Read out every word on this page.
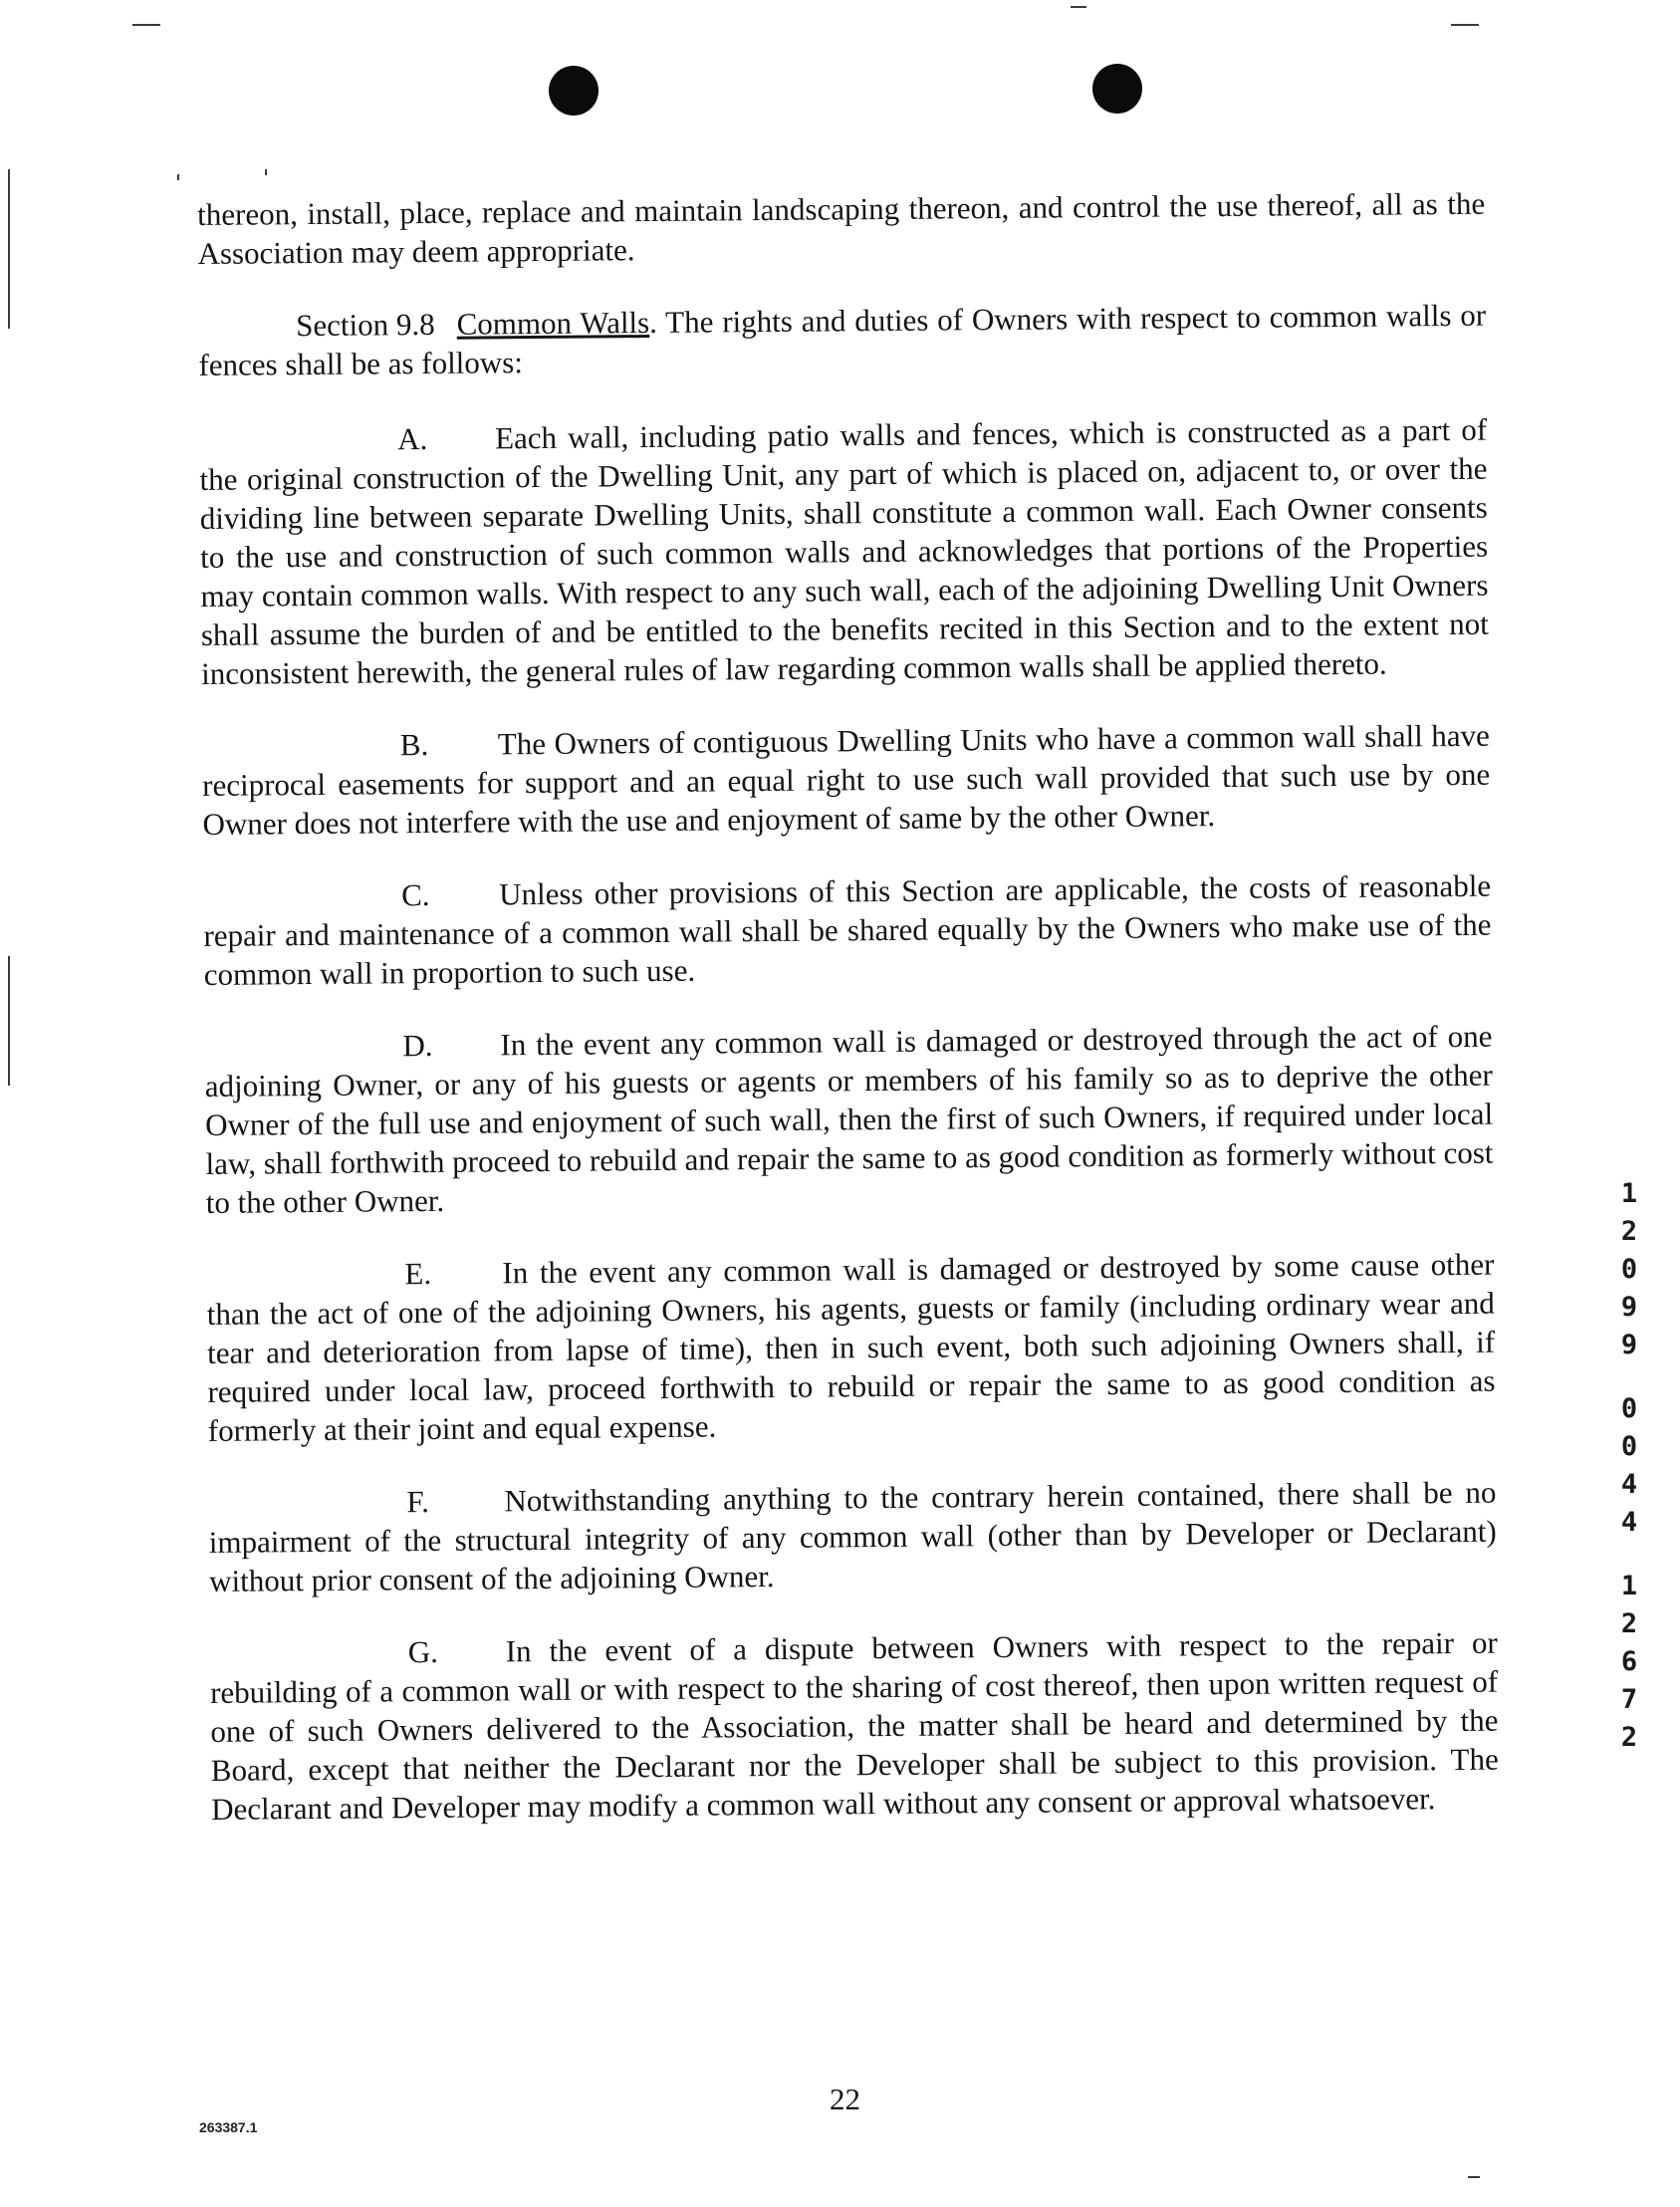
thereon, install, place, replace and maintain landscaping thereon, and control the use thereof, all as the Association may deem appropriate.

Section 9.8 Common Walls. The rights and duties of Owners with respect to common walls or fences shall be as follows:

A. Each wall, including patio walls and fences, which is constructed as a part of the original construction of the Dwelling Unit, any part of which is placed on, adjacent to, or over the dividing line between separate Dwelling Units, shall constitute a common wall. Each Owner consents to the use and construction of such common walls and acknowledges that portions of the Properties may contain common walls. With respect to any such wall, each of the adjoining Dwelling Unit Owners shall assume the burden of and be entitled to the benefits recited in this Section and to the extent not inconsistent herewith, the general rules of law regarding common walls shall be applied thereto.

B. The Owners of contiguous Dwelling Units who have a common wall shall have reciprocal easements for support and an equal right to use such wall provided that such use by one Owner does not interfere with the use and enjoyment of same by the other Owner.

C. Unless other provisions of this Section are applicable, the costs of reasonable repair and maintenance of a common wall shall be shared equally by the Owners who make use of the common wall in proportion to such use.

D. In the event any common wall is damaged or destroyed through the act of one adjoining Owner, or any of his guests or agents or members of his family so as to deprive the other Owner of the full use and enjoyment of such wall, then the first of such Owners, if required under local law, shall forthwith proceed to rebuild and repair the same to as good condition as formerly without cost to the other Owner.

E. In the event any common wall is damaged or destroyed by some cause other than the act of one of the adjoining Owners, his agents, guests or family (including ordinary wear and tear and deterioration from lapse of time), then in such event, both such adjoining Owners shall, if required under local law, proceed forthwith to rebuild or repair the same to as good condition as formerly at their joint and equal expense.

F. Notwithstanding anything to the contrary herein contained, there shall be no impairment of the structural integrity of any common wall (other than by Developer or Declarant) without prior consent of the adjoining Owner.

G. In the event of a dispute between Owners with respect to the repair or rebuilding of a common wall or with respect to the sharing of cost thereof, then upon written request of one of such Owners delivered to the Association, the matter shall be heard and determined by the Board, except that neither the Declarant nor the Developer shall be subject to this provision. The Declarant and Developer may modify a common wall without any consent or approval whatsoever.

1
2
0
9
9
0
0
4
4
1
2
6
7
2
263387.1
22
